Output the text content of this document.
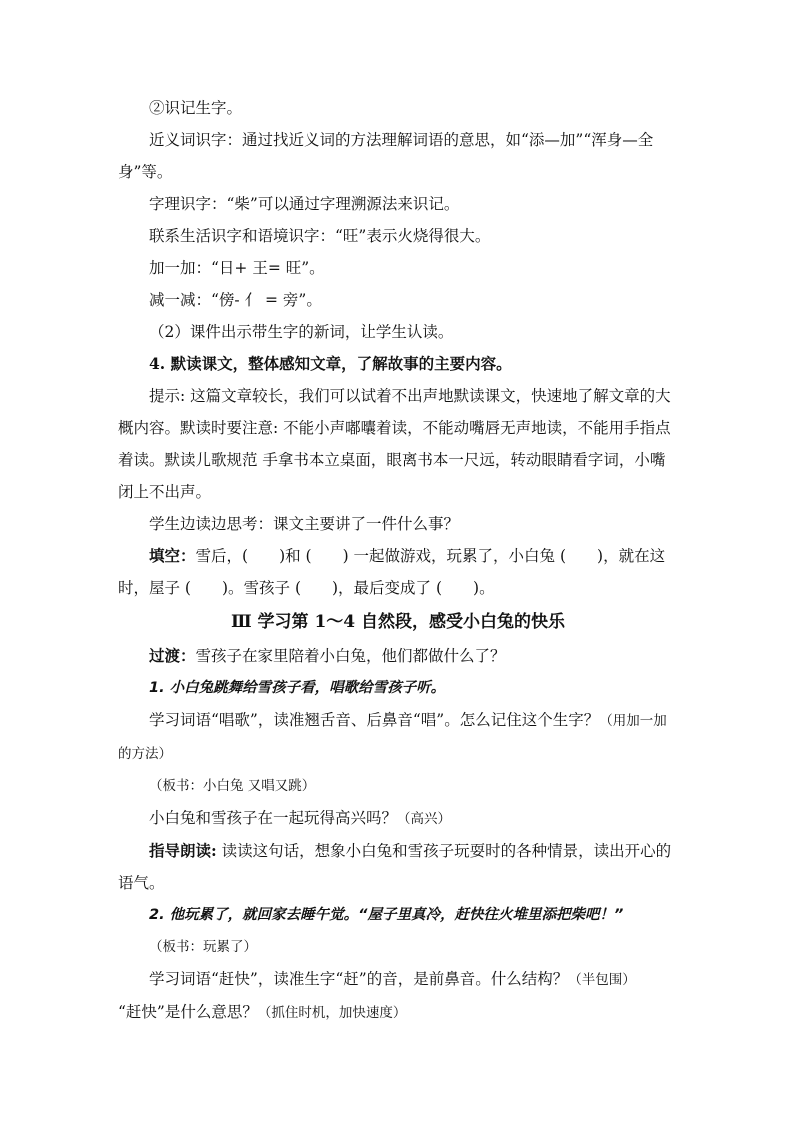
②识记生字。

近义词识字：通过找近义词的方法理解词语的意思，如“添—加”“浑身—全身”等。

字理识字：“柴”可以通过字理溯源法来识记。

联系生活识字和语境识字：“旺”表示火烧得很大。

加一加：“日+ 王= 旺”。

减一减：“傍- 亻 = 旁”。

（2）课件出示带生字的新词，让学生认读。

4. 默读课文，整体感知文章，了解故事的主要内容。

提示: 这篇文章较长，我们可以试着不出声地默读课文，快速地了解文章的大概内容。默读时要注意: 不能小声嘟囔着读，不能动嘴唇无声地读，不能用手指点着读。默读儿歌规范 手拿书本立桌面，眼离书本一尺远，转动眼睛看字词，小嘴闭上不出声。

学生边读边思考：课文主要讲了一件什么事？

填空：雪后，(　　)和 (　　) 一起做游戏，玩累了，小白兔 (　　)，就在这时，屋子 (　　)。雪孩子 (　　)，最后变成了 (　　)。

Ⅲ 学习第 1～4 自然段，感受小白兔的快乐

过渡：雪孩子在家里陪着小白兔，他们都做什么了？

1. 小白兔跳舞给雪孩子看，唱歌给雪孩子听。

学习词语“唱歌”，读准翘舌音、后鼻音“唱”。怎么记住这个生字？（用加一加的方法）

（板书：小白兔 又唱又跳）

小白兔和雪孩子在一起玩得高兴吗？（高兴）

指导朗读: 读读这句话，想象小白兔和雪孩子玩耍时的各种情景，读出开心的语气。

2. 他玩累了，就回家去睡午觉。“屋子里真冷，赶快往火堆里添把柴吧！”

（板书：玩累了）

学习词语“赶快”，读准生字“赶”的音，是前鼻音。什么结构？（半包围）

“赶快”是什么意思？（抓住时机，加快速度）
